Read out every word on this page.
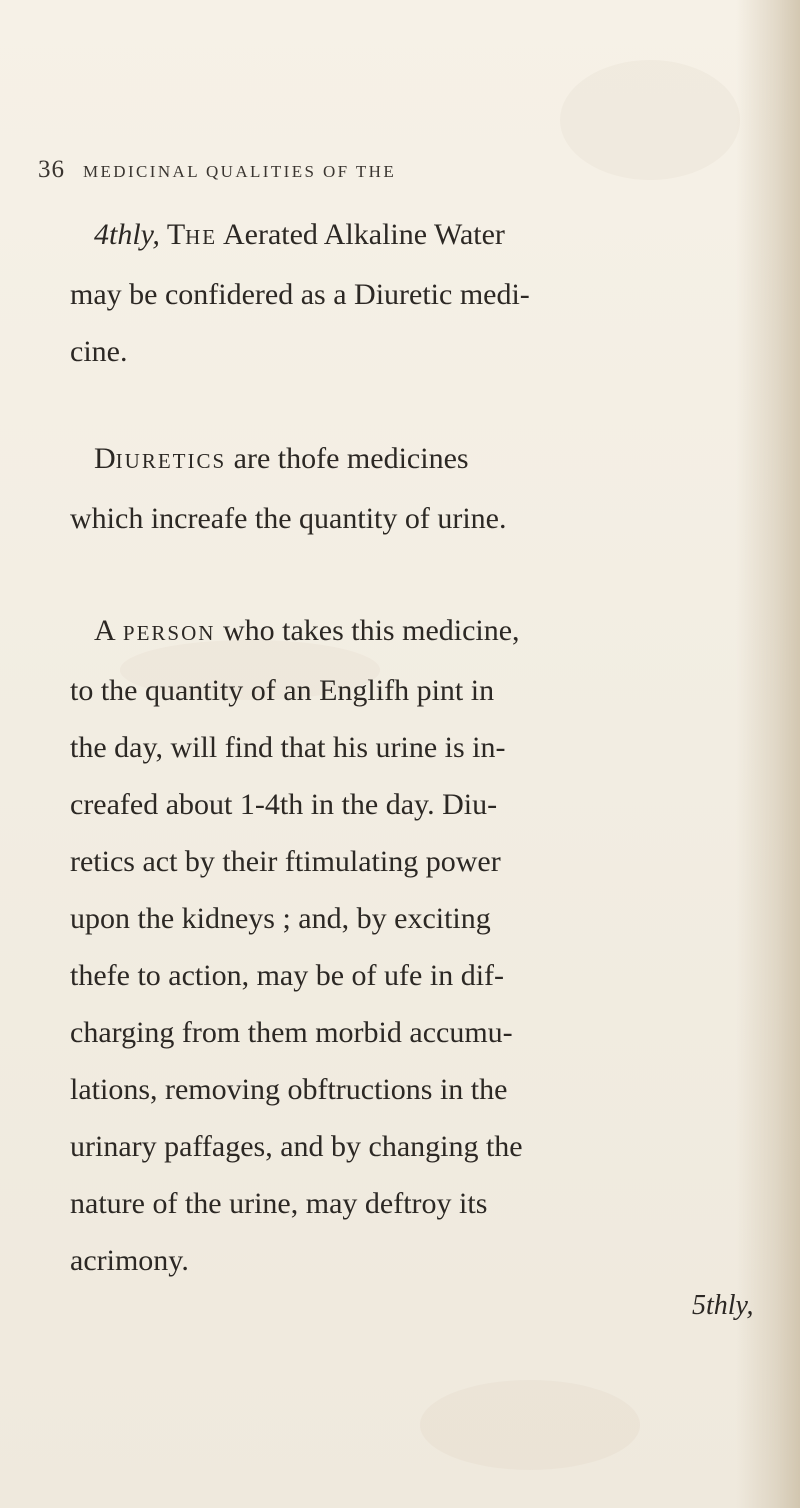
36 MEDICINAL QUALITIES OF THE

4thly, THE Aerated Alkaline Water
may be confidered as a Diuretic medi-
cine.

DIURETICS are thofe medicines
which increafe the quantity of urine.

A PERSON who takes this medicine,
to the quantity of an Englifh pint in
the day, will find that his urine is in-
creafed about 1-4th in the day. Diu-
retics act by their ftimulating power
upon the kidneys ; and, by exciting
thefe to action, may be of ufe in dif-
charging from them morbid accumu-
lations, removing obftructions in the
urinary paffages, and by changing the
nature of the urine, may deftroy its
acrimony.

5thly,
